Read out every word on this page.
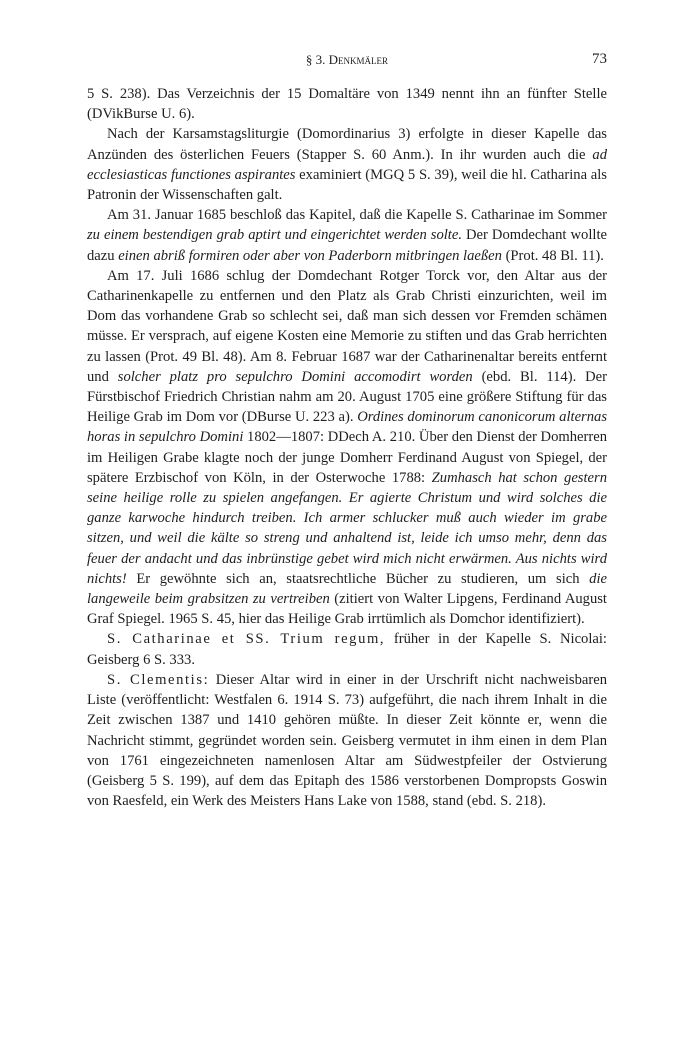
§ 3. Denkmäler	73

5 S. 238). Das Verzeichnis der 15 Domaltäre von 1349 nennt ihn an fünfter Stelle (DVikBurse U. 6).

Nach der Karsamstagsliturgie (Domordinarius 3) erfolgte in dieser Kapelle das Anzünden des österlichen Feuers (Stapper S. 60 Anm.). In ihr wurden auch die ad ecclesiasticas functiones aspirantes examiniert (MGQ 5 S. 39), weil die hl. Catharina als Patronin der Wissenschaften galt.

Am 31. Januar 1685 beschloß das Kapitel, daß die Kapelle S. Catharinae im Sommer zu einem bestendigen grab aptirt und eingerichtet werden solte. Der Domdechant wollte dazu einen abriß formiren oder aber von Paderborn mitbringen laeßen (Prot. 48 Bl. 11).

Am 17. Juli 1686 schlug der Domdechant Rotger Torck vor, den Altar aus der Catharinenkapelle zu entfernen und den Platz als Grab Christi einzurichten, weil im Dom das vorhandene Grab so schlecht sei, daß man sich dessen vor Fremden schämen müsse. Er versprach, auf eigene Kosten eine Memorie zu stiften und das Grab herrichten zu lassen (Prot. 49 Bl. 48). Am 8. Februar 1687 war der Catharinenaltar bereits entfernt und solcher platz pro sepulchro Domini accomodirt worden (ebd. Bl. 114). Der Fürstbischof Friedrich Christian nahm am 20. August 1705 eine größere Stiftung für das Heilige Grab im Dom vor (DBurse U. 223 a). Ordines dominorum canonicorum alternas horas in sepulchro Domini 1802—1807: DDech A. 210. Über den Dienst der Domherren im Heiligen Grabe klagte noch der junge Domherr Ferdinand August von Spiegel, der spätere Erzbischof von Köln, in der Osterwoche 1788: Zumhasch hat schon gestern seine heilige rolle zu spielen angefangen. Er agierte Christum und wird solches die ganze karwoche hindurch treiben. Ich armer schlucker muß auch wieder im grabe sitzen, und weil die kälte so streng und anhaltend ist, leide ich umso mehr, denn das feuer der andacht und das inbrünstige gebet wird mich nicht erwärmen. Aus nichts wird nichts! Er gewöhnte sich an, staatsrechtliche Bücher zu studieren, um sich die langeweile beim grabsitzen zu vertreiben (zitiert von Walter Lipgens, Ferdinand August Graf Spiegel. 1965 S. 45, hier das Heilige Grab irrtümlich als Domchor identifiziert).

S. Catharinae et SS. Trium regum, früher in der Kapelle S. Nicolai: Geisberg 6 S. 333.

S. Clementis: Dieser Altar wird in einer in der Urschrift nicht nachweisbaren Liste (veröffentlicht: Westfalen 6. 1914 S. 73) aufgeführt, die nach ihrem Inhalt in die Zeit zwischen 1387 und 1410 gehören müßte. In dieser Zeit könnte er, wenn die Nachricht stimmt, gegründet worden sein. Geisberg vermutet in ihm einen in dem Plan von 1761 eingezeichneten namenlosen Altar am Südwestpfeiler der Ostvierung (Geisberg 5 S. 199), auf dem das Epitaph des 1586 verstorbenen Dompropsts Goswin von Raesfeld, ein Werk des Meisters Hans Lake von 1588, stand (ebd. S. 218).
